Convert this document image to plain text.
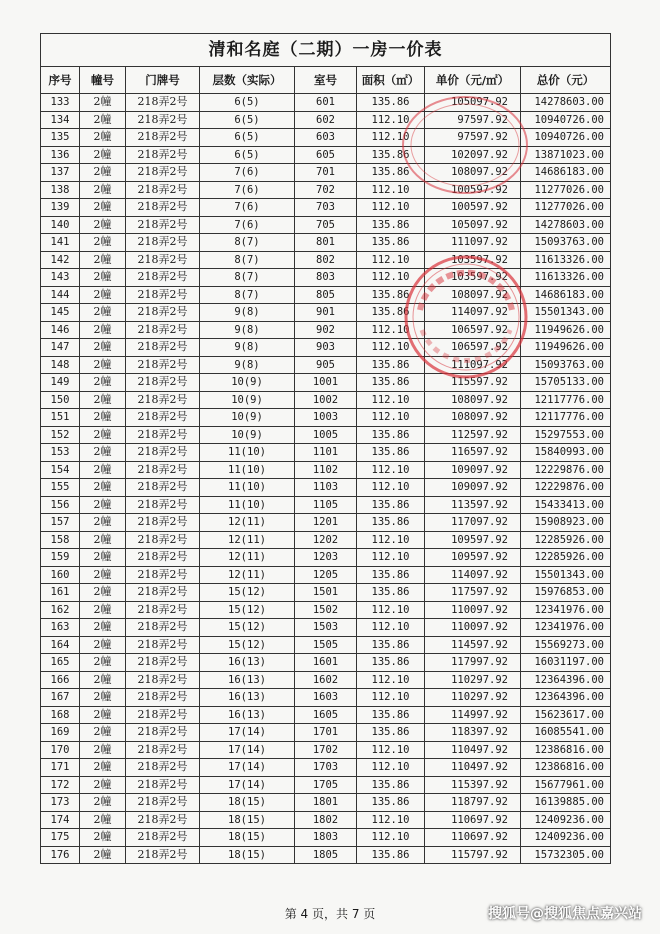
清和名庭（二期）一房一价表							
序号	幢号	门牌号	层数（实际）	室号	面积（㎡）	单价（元/㎡）	总价（元）
133	2幢	218弄2号	6(5)	601	135.86	105097.92	14278603.00
134	2幢	218弄2号	6(5)	602	112.10	97597.92	10940726.00
135	2幢	218弄2号	6(5)	603	112.10	97597.92	10940726.00
136	2幢	218弄2号	6(5)	605	135.86	102097.92	13871023.00
137	2幢	218弄2号	7(6)	701	135.86	108097.92	14686183.00
138	2幢	218弄2号	7(6)	702	112.10	100597.92	11277026.00
139	2幢	218弄2号	7(6)	703	112.10	100597.92	11277026.00
140	2幢	218弄2号	7(6)	705	135.86	105097.92	14278603.00
141	2幢	218弄2号	8(7)	801	135.86	111097.92	15093763.00
142	2幢	218弄2号	8(7)	802	112.10	103597.92	11613326.00
143	2幢	218弄2号	8(7)	803	112.10	103597.92	11613326.00
144	2幢	218弄2号	8(7)	805	135.86	108097.92	14686183.00
145	2幢	218弄2号	9(8)	901	135.86	114097.92	15501343.00
146	2幢	218弄2号	9(8)	902	112.10	106597.92	11949626.00
147	2幢	218弄2号	9(8)	903	112.10	106597.92	11949626.00
148	2幢	218弄2号	9(8)	905	135.86	111097.92	15093763.00
149	2幢	218弄2号	10(9)	1001	135.86	115597.92	15705133.00
150	2幢	218弄2号	10(9)	1002	112.10	108097.92	12117776.00
151	2幢	218弄2号	10(9)	1003	112.10	108097.92	12117776.00
152	2幢	218弄2号	10(9)	1005	135.86	112597.92	15297553.00
153	2幢	218弄2号	11(10)	1101	135.86	116597.92	15840993.00
154	2幢	218弄2号	11(10)	1102	112.10	109097.92	12229876.00
155	2幢	218弄2号	11(10)	1103	112.10	109097.92	12229876.00
156	2幢	218弄2号	11(10)	1105	135.86	113597.92	15433413.00
157	2幢	218弄2号	12(11)	1201	135.86	117097.92	15908923.00
158	2幢	218弄2号	12(11)	1202	112.10	109597.92	12285926.00
159	2幢	218弄2号	12(11)	1203	112.10	109597.92	12285926.00
160	2幢	218弄2号	12(11)	1205	135.86	114097.92	15501343.00
161	2幢	218弄2号	15(12)	1501	135.86	117597.92	15976853.00
162	2幢	218弄2号	15(12)	1502	112.10	110097.92	12341976.00
163	2幢	218弄2号	15(12)	1503	112.10	110097.92	12341976.00
164	2幢	218弄2号	15(12)	1505	135.86	114597.92	15569273.00
165	2幢	218弄2号	16(13)	1601	135.86	117997.92	16031197.00
166	2幢	218弄2号	16(13)	1602	112.10	110297.92	12364396.00
167	2幢	218弄2号	16(13)	1603	112.10	110297.92	12364396.00
168	2幢	218弄2号	16(13)	1605	135.86	114997.92	15623617.00
169	2幢	218弄2号	17(14)	1701	135.86	118397.92	16085541.00
170	2幢	218弄2号	17(14)	1702	112.10	110497.92	12386816.00
171	2幢	218弄2号	17(14)	1703	112.10	110497.92	12386816.00
172	2幢	218弄2号	17(14)	1705	135.86	115397.92	15677961.00
173	2幢	218弄2号	18(15)	1801	135.86	118797.92	16139885.00
174	2幢	218弄2号	18(15)	1802	112.10	110697.92	12409236.00
175	2幢	218弄2号	18(15)	1803	112.10	110697.92	12409236.00
176	2幢	218弄2号	18(15)	1805	135.86	115797.92	15732305.00
第 4 页，共 7 页	搜狐号@搜狐焦点嘉兴站
